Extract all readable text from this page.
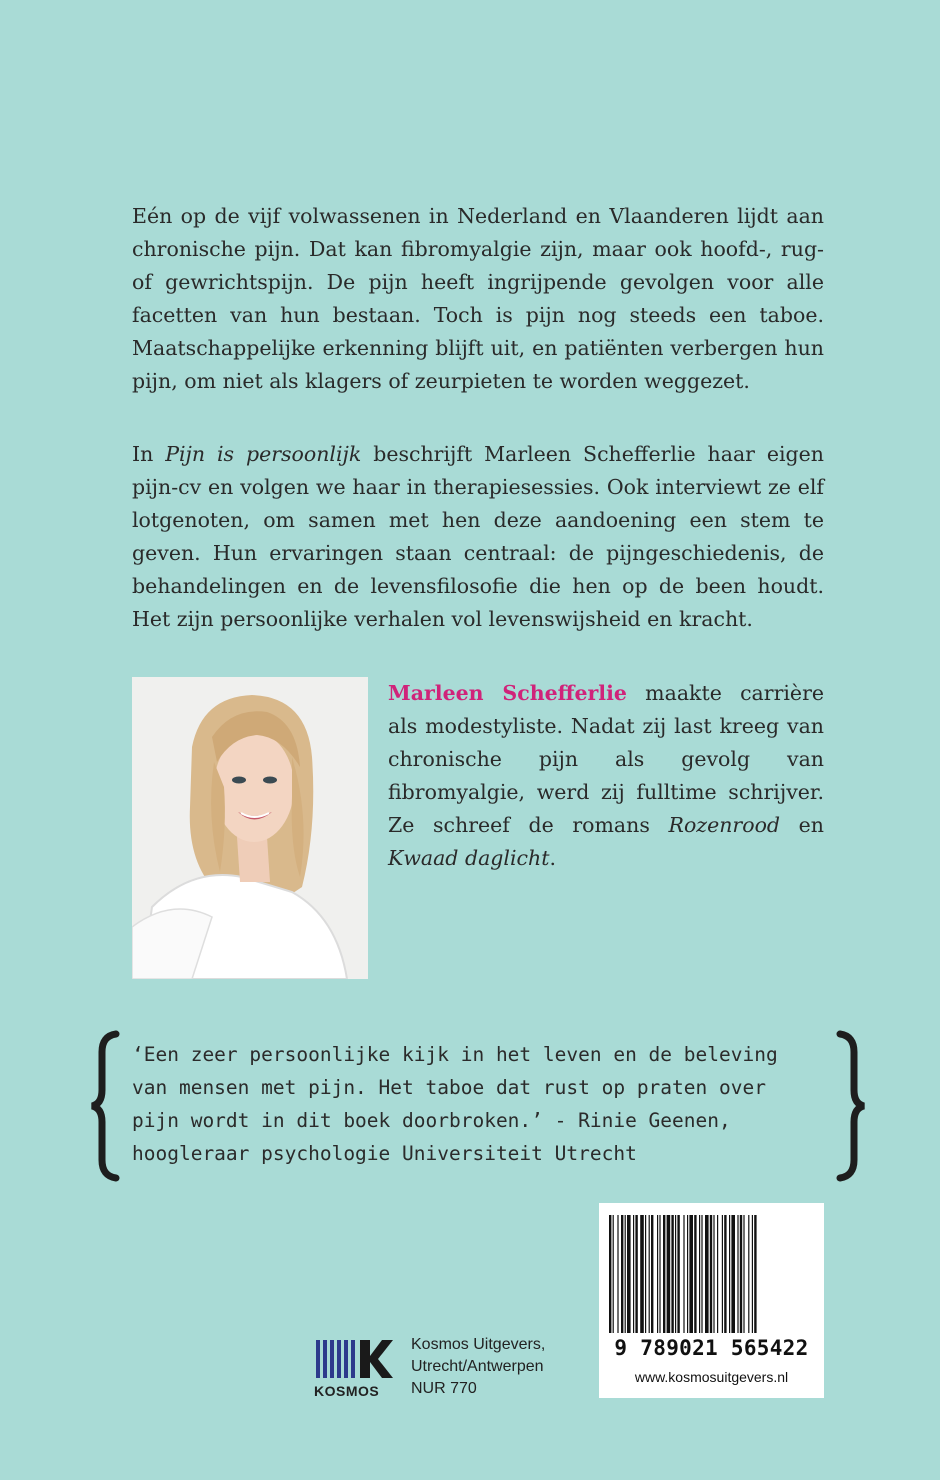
Eén op de vijf volwassenen in Nederland en Vlaanderen lijdt aan chronische pijn. Dat kan fibromyalgie zijn, maar ook hoofd-, rug- of gewrichtspijn. De pijn heeft ingrijpende gevolgen voor alle facetten van hun bestaan. Toch is pijn nog steeds een taboe. Maatschappelijke erkenning blijft uit, en patiënten verbergen hun pijn, om niet als klagers of zeurpieten te worden weggezet.
In Pijn is persoonlijk beschrijft Marleen Schefferlie haar eigen pijn-cv en volgen we haar in therapiesessies. Ook interviewt ze elf lotgenoten, om samen met hen deze aandoening een stem te geven. Hun ervaringen staan centraal: de pijngeschiedenis, de behandelingen en de levensfilosofie die hen op de been houdt. Het zijn persoonlijke verhalen vol levenswijsheid en kracht.
Marleen Schefferlie maakte carrière als modestyliste. Nadat zij last kreeg van chronische pijn als gevolg van fibromyalgie, werd zij fulltime schrijver. Ze schreef de romans Rozenrood en Kwaad daglicht.
‘Een zeer persoonlijke kijk in het leven en de beleving van mensen met pijn. Het taboe dat rust op praten over pijn wordt in dit boek doorbroken.’ - Rinie Geenen, hoogleraar psychologie Universiteit Utrecht
KOSMOS
Kosmos Uitgevers,
Utrecht/Antwerpen
NUR 770
9 789021 565422
www.kosmosuitgevers.nl
